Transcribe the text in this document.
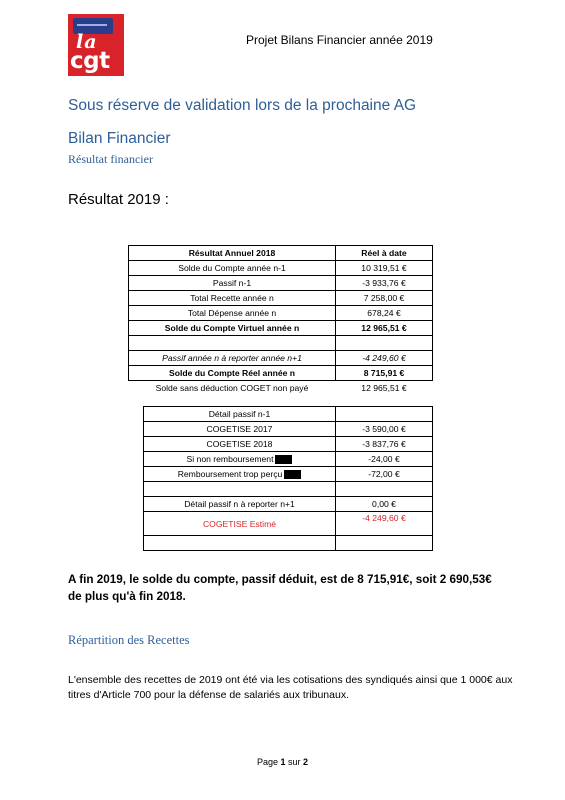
la
cgt
Projet Bilans Financier année 2019
Sous réserve de validation lors de la prochaine AG
Bilan Financier
Résultat financier
Résultat 2019 :
Résultat Annuel 2018	Réel à date
Solde du Compte année n-1	10 319,51 €
Passif n-1	-3 933,76 €
Total Recette année n	7 258,00 €
Total Dépense année n	678,24 €
Solde du Compte Virtuel année n	12 965,51 €

Passif année n à reporter année n+1	-4 249,60 €
Solde du Compte Réel année n	8 715,91 €
Solde sans déduction COGET non payé	12 965,51 €
Détail passif n-1	
COGETISE 2017	-3 590,00 €
COGETISE 2018	-3 837,76 €
Si non remboursement	-24,00 €
Remboursement trop perçu	-72,00 €

Détail passif n à reporter n+1	0,00 €
COGETISE Estimé	-4 249,60 €

A fin 2019, le solde du compte, passif déduit, est de 8 715,91€, soit 2 690,53€ de plus qu'à fin 2018.
Répartition des Recettes
L'ensemble des recettes de 2019 ont été via les cotisations des syndiqués ainsi que 1 000€ aux titres d'Article 700 pour la défense de salariés aux tribunaux.
Page 1 sur 2
